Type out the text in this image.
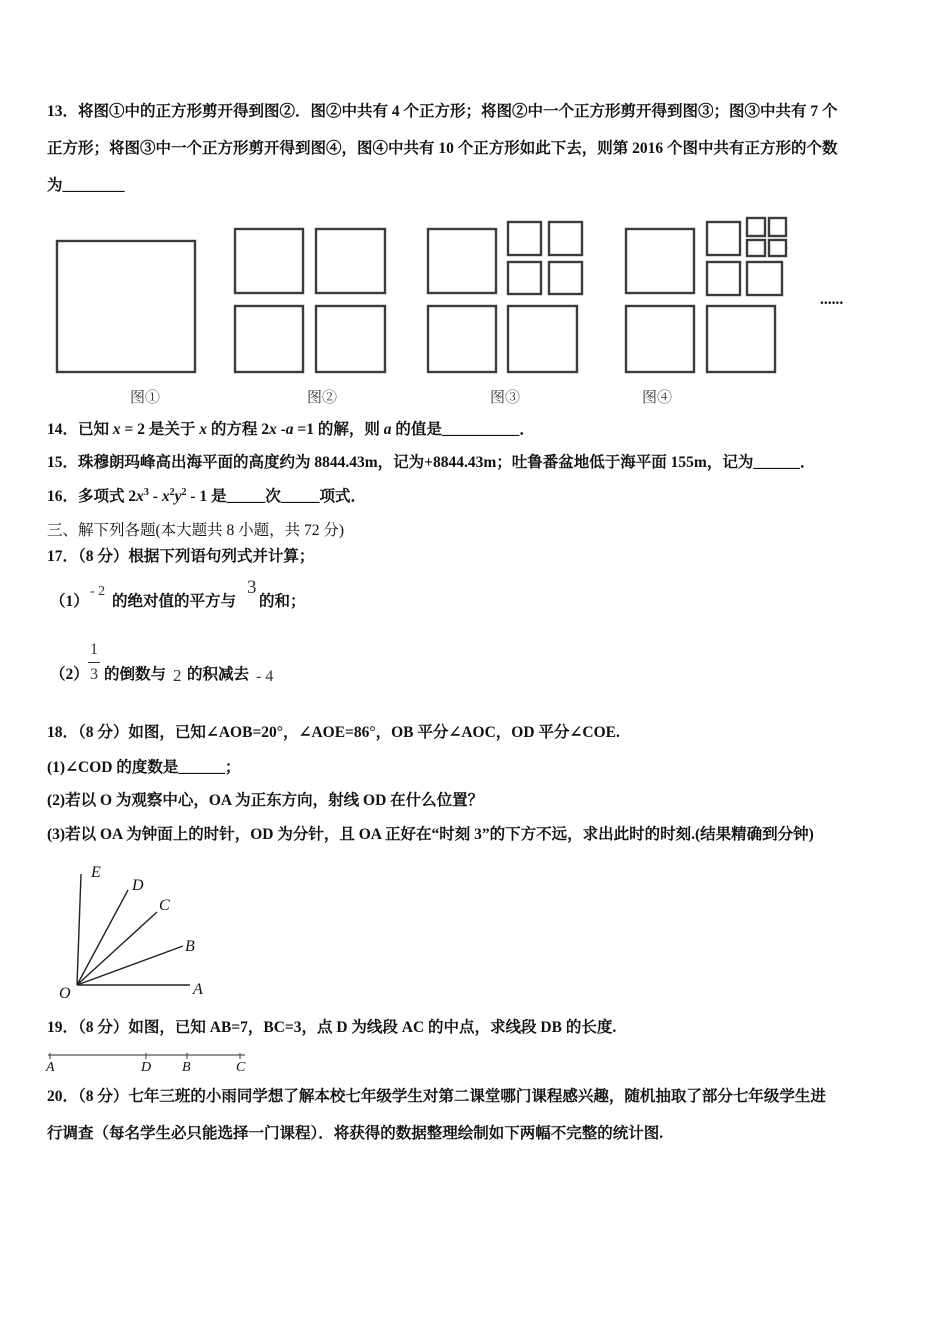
13．将图①中的正方形剪开得到图②．图②中共有 4 个正方形；将图②中一个正方形剪开得到图③；图③中共有 7 个
正方形；将图③中一个正方形剪开得到图④，图④中共有 10 个正方形如此下去，则第 2016 个图中共有正方形的个数
为________
......
图①	图②	图③	图④
14．已知 x = 2 是关于 x 的方程 2x -a =1 的解，则 a 的值是__________．
15．珠穆朗玛峰高出海平面的高度约为 8844.43m，记为+8844.43m；吐鲁番盆地低于海平面 155m，记为______．
16．多项式 $2x^3 - x^2y^2 - 1$ 是_____次_____项式．
三、解下列各题(本大题共 8 小题，共 72 分)
17．（8 分）根据下列语句列式并计算；
（1）
- 2
的绝对值的平方与
3
的和；
（2）
1
3 的倒数与 2 的积减去 - 4
18．（8 分）如图，已知∠AOB=20°，∠AOE=86°，OB 平分∠AOC，OD 平分∠COE.
(1)∠COD 的度数是______；
(2)若以 O 为观察中心，OA 为正东方向，射线 OD 在什么位置？
(3)若以 OA 为钟面上的时针，OD 为分针，且 OA 正好在“时刻 3”的下方不远，求出此时的时刻.(结果精确到分钟)
E
D
C
B
O	A
19．（8 分）如图，已知 AB=7，BC=3，点 D 为线段 AC 的中点，求线段 DB 的长度.
A	D B	C
20．（8 分）七年三班的小雨同学想了解本校七年级学生对第二课堂哪门课程感兴趣，随机抽取了部分七年级学生进
行调查（每名学生必只能选择一门课程）．将获得的数据整理绘制如下两幅不完整的统计图.
